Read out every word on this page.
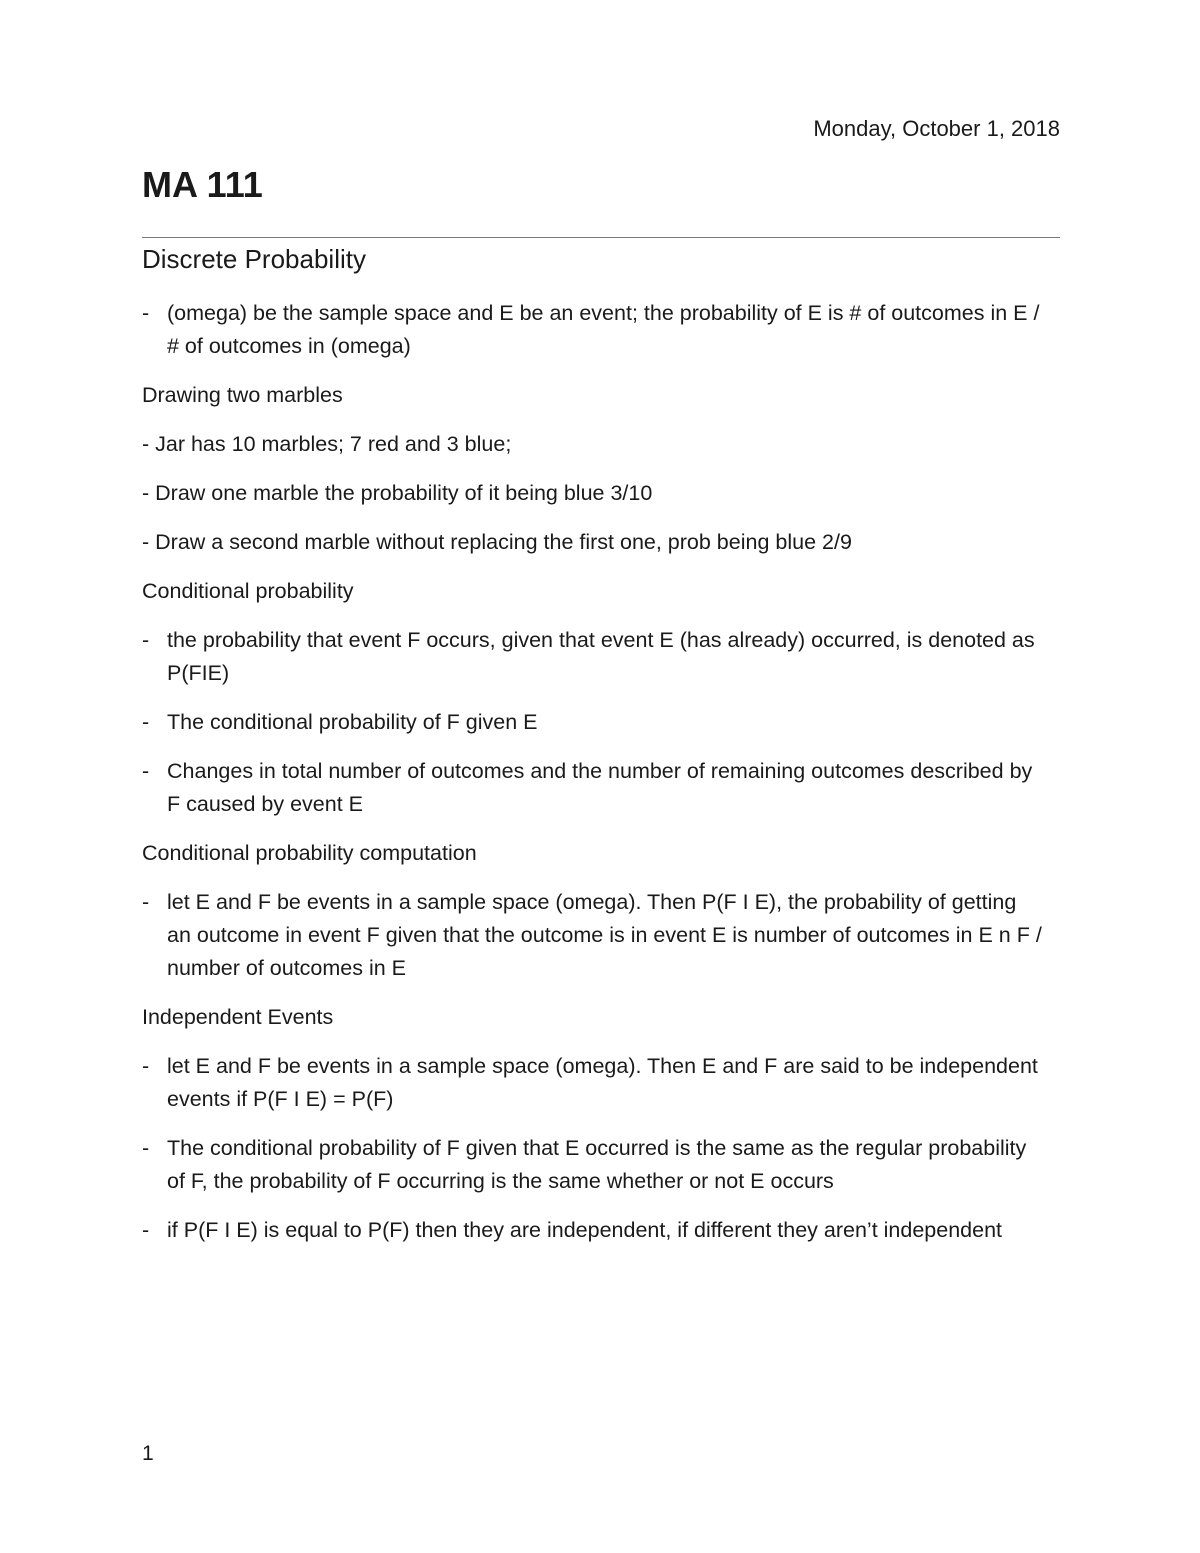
Monday, October 1, 2018
MA 111
Discrete Probability
- (omega) be the sample space and E be an event; the probability of E is # of outcomes in E / # of outcomes in (omega)
Drawing two marbles
- Jar has 10 marbles; 7 red and 3 blue;
- Draw one marble the probability of it being blue 3/10
- Draw a second marble without replacing the first one, prob being blue 2/9
Conditional probability
- the probability that event F occurs, given that event E (has already) occurred, is denoted as P(FIE)
- The conditional probability of F given E
- Changes in total number of outcomes and the number of remaining outcomes described by F caused by event E
Conditional probability computation
- let E and F be events in a sample space (omega). Then P(F I E), the probability of getting an outcome in event F given that the outcome is in event E is number of outcomes in E n F / number of outcomes in E
Independent Events
- let E and F be events in a sample space (omega). Then E and F are said to be independent events if P(F I E) = P(F)
- The conditional probability of F given that E occurred is the same as the regular probability of F, the probability of F occurring is the same whether or not E occurs
- if P(F I E) is equal to P(F) then they are independent, if different they aren’t independent
1
